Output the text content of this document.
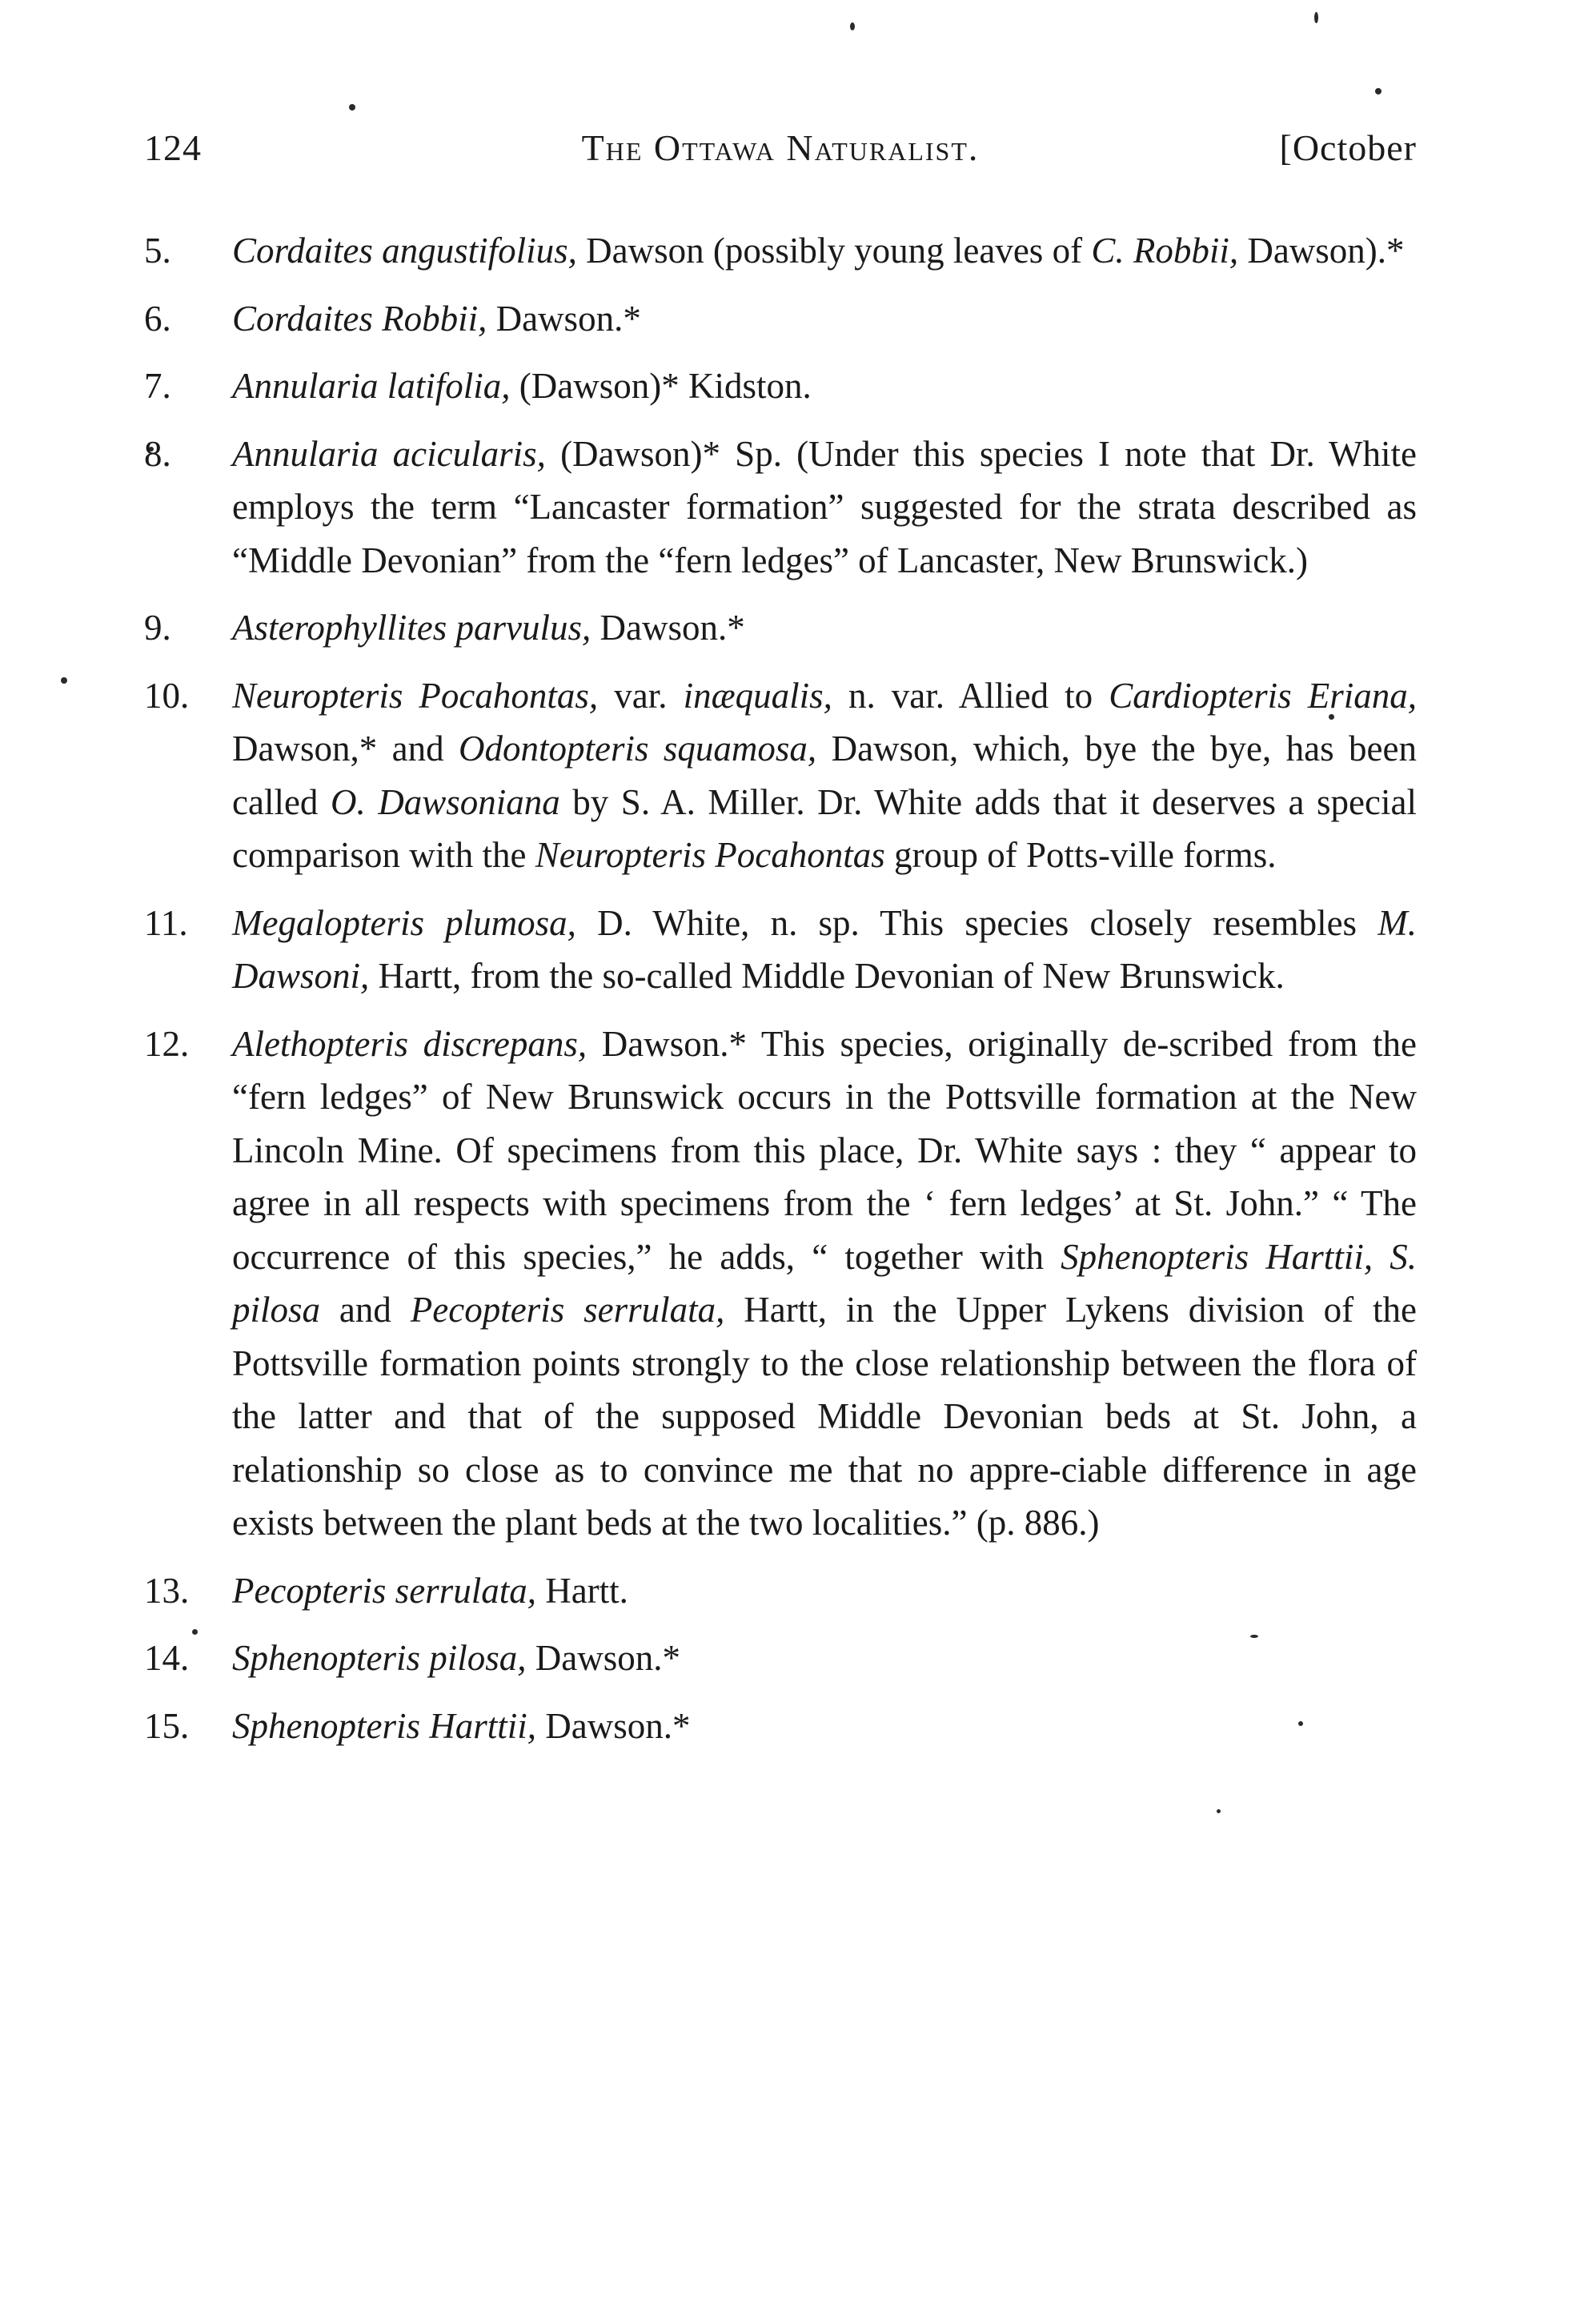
124	The Ottawa Naturalist.	[October
5.	Cordaites angustifolius, Dawson (possibly young leaves of C. Robbii, Dawson).*
6.	Cordaites Robbii, Dawson.*
7.	Annularia latifolia, (Dawson)* Kidston.
8.	Annularia acicularis, (Dawson)* Sp. (Under this species I note that Dr. White employs the term “Lancaster formation” suggested for the strata described as “Middle Devonian” from the “fern ledges” of Lancaster, New Brunswick.)
9.	Asterophyllites parvulus, Dawson.*
10.	Neuropteris Pocahontas, var. inæqualis, n. var. Allied to Cardiopteris Eriana, Dawson,* and Odontopteris squamosa, Dawson, which, bye the bye, has been called O. Dawsoniana by S. A. Miller. Dr. White adds that it deserves a special comparison with the Neuropteris Pocahontas group of Potts-ville forms.
11.	Megalopteris plumosa, D. White, n. sp. This species closely resembles M. Dawsoni, Hartt, from the so-called Middle Devonian of New Brunswick.
12.	Alethopteris discrepans, Dawson.* This species, originally de-scribed from the “fern ledges” of New Brunswick occurs in the Pottsville formation at the New Lincoln Mine. Of specimens from this place, Dr. White says : they “ appear to agree in all respects with specimens from the ‘ fern ledges’ at St. John.” “ The occurrence of this species,” he adds, “ together with Sphenopteris Harttii, S. pilosa and Pecopteris serrulata, Hartt, in the Upper Lykens division of the Pottsville formation points strongly to the close relationship between the flora of the latter and that of the supposed Middle Devonian beds at St. John, a relationship so close as to convince me that no appre-ciable difference in age exists between the plant beds at the two localities.” (p. 886.)
13.	Pecopteris serrulata, Hartt.
14.	Sphenopteris pilosa, Dawson.*
15.	Sphenopteris Harttii, Dawson.*
